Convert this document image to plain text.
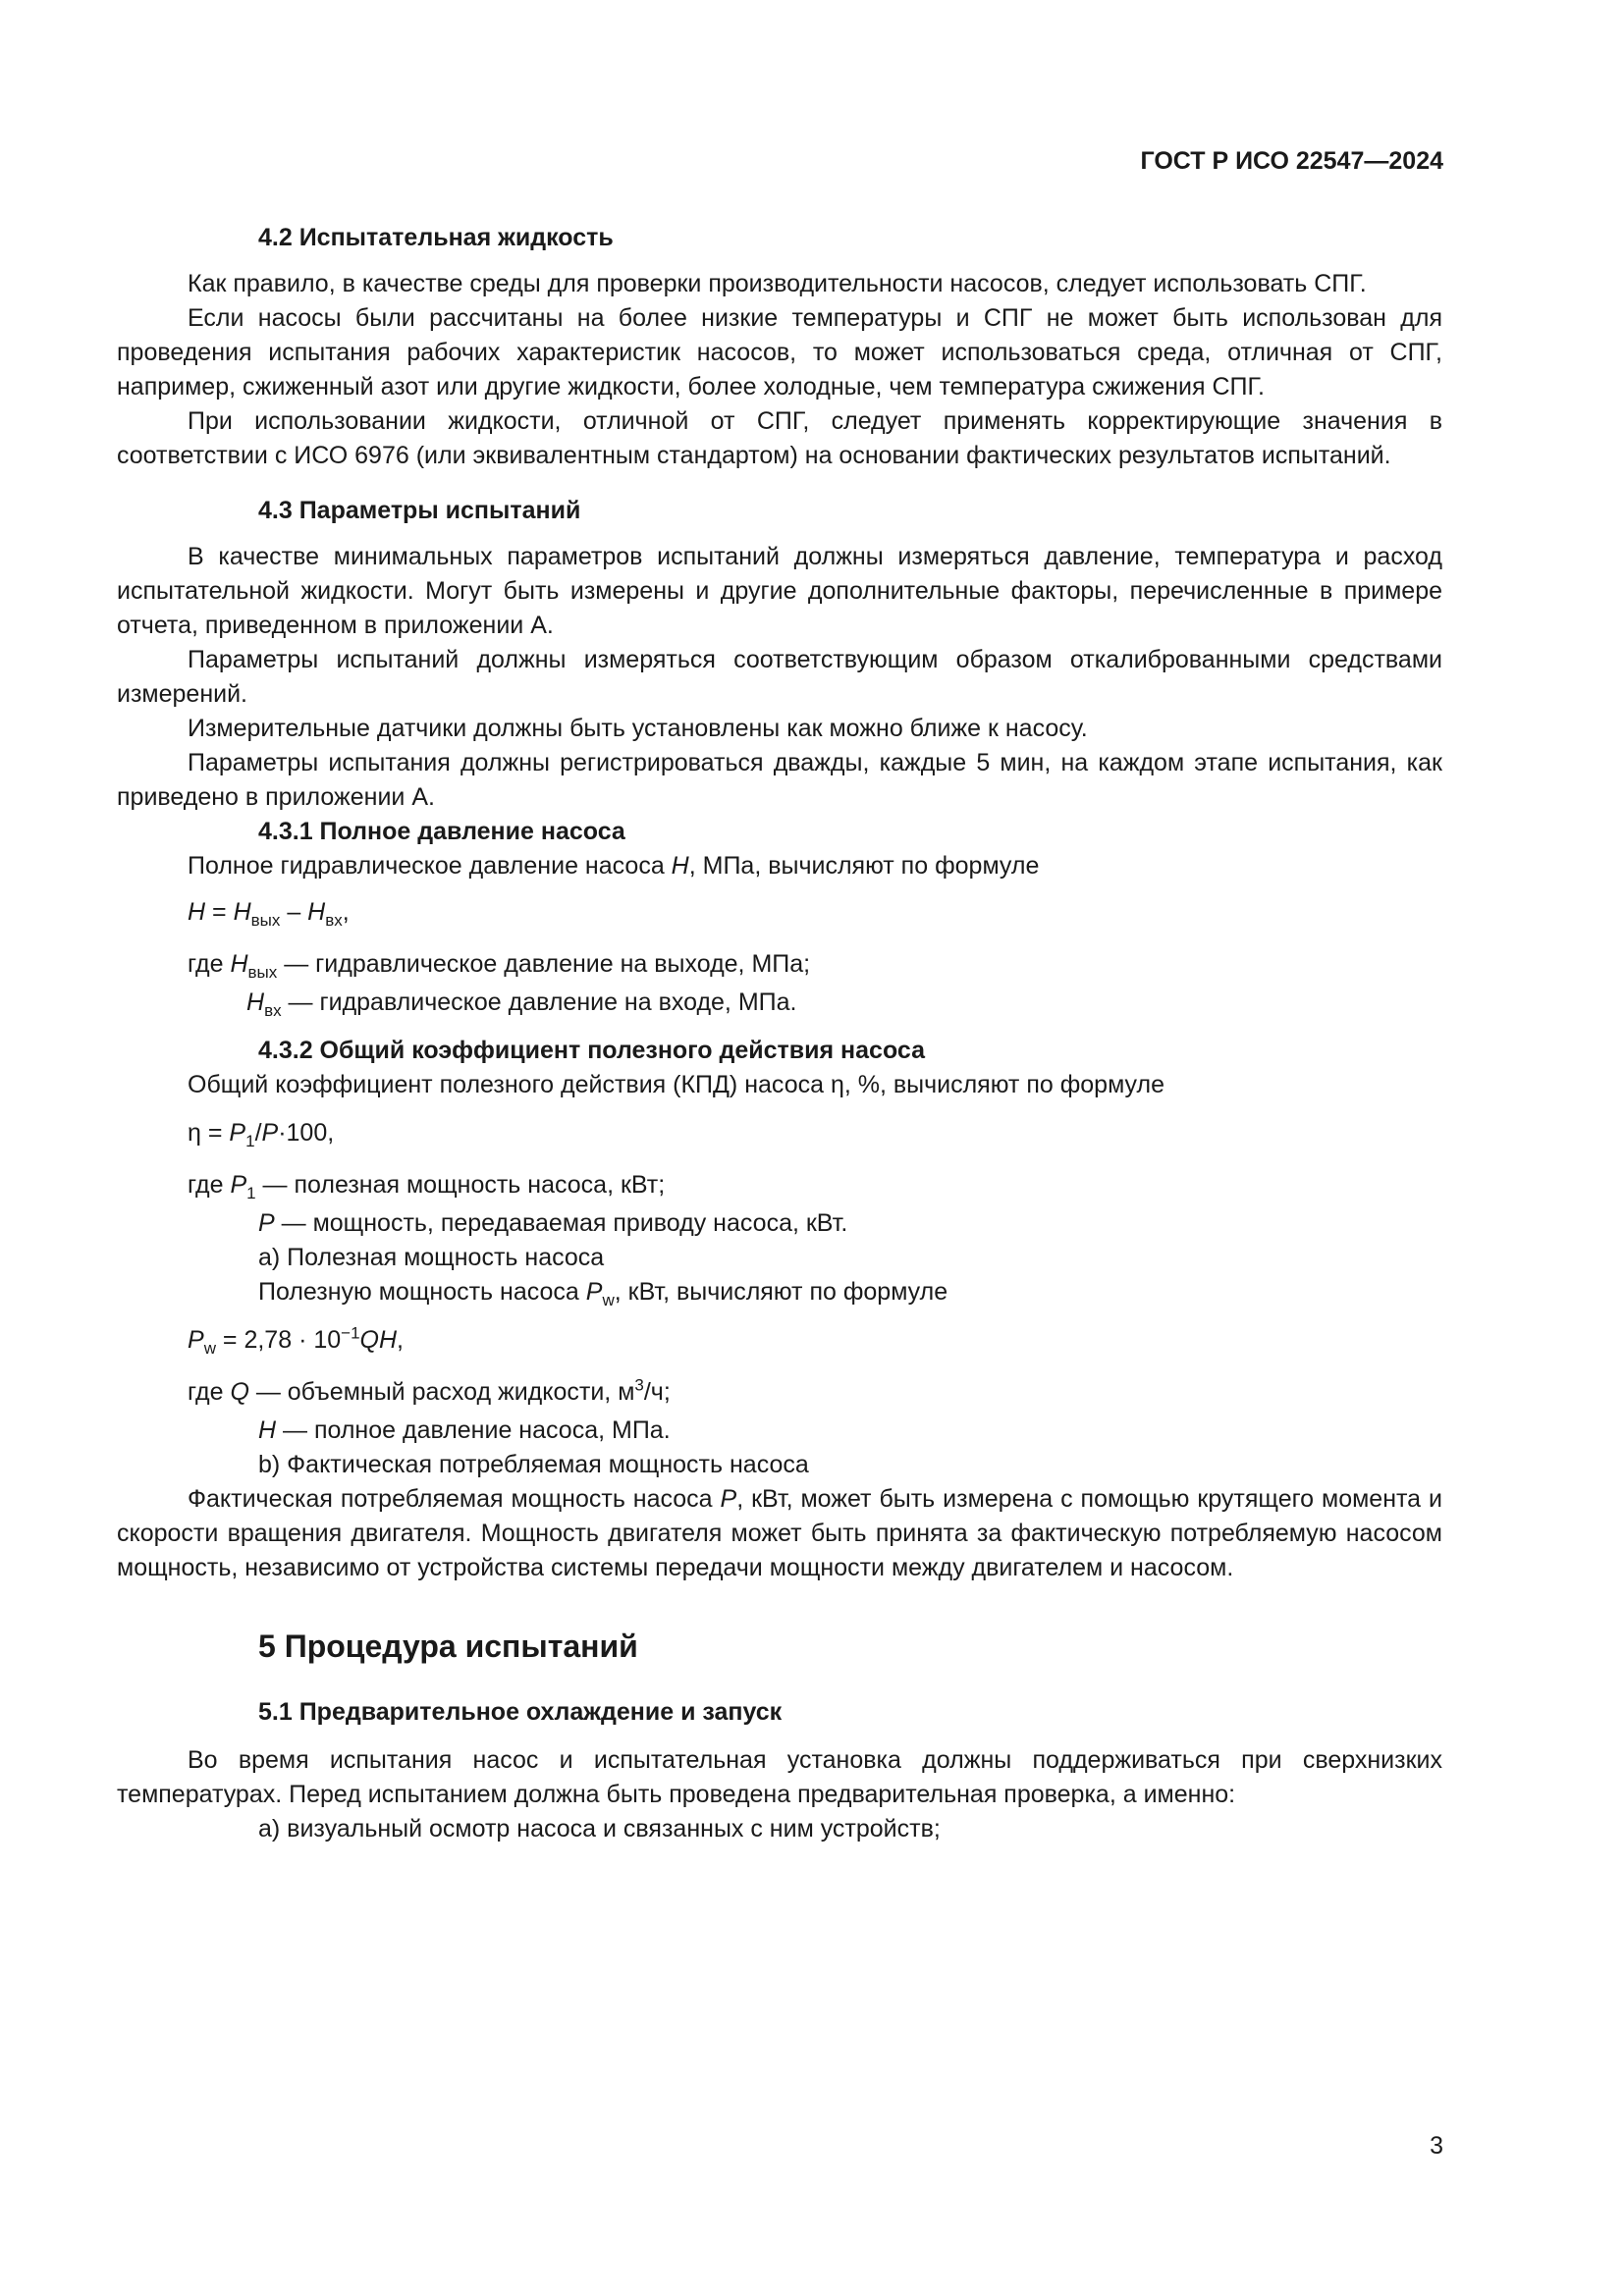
ГОСТ Р ИСО 22547—2024

4.2 Испытательная жидкость

Как правило, в качестве среды для проверки производительности насосов, следует использовать СПГ.

Если насосы были рассчитаны на более низкие температуры и СПГ не может быть использован для проведения испытания рабочих характеристик насосов, то может использоваться среда, отличная от СПГ, например, сжиженный азот или другие жидкости, более холодные, чем температура сжижения СПГ.

При использовании жидкости, отличной от СПГ, следует применять корректирующие значения в соответствии с ИСО 6976 (или эквивалентным стандартом) на основании фактических результатов испытаний.

4.3 Параметры испытаний

В качестве минимальных параметров испытаний должны измеряться давление, температура и расход испытательной жидкости. Могут быть измерены и другие дополнительные факторы, перечисленные в примере отчета, приведенном в приложении А.

Параметры испытаний должны измеряться соответствующим образом откалиброванными средствами измерений.

Измерительные датчики должны быть установлены как можно ближе к насосу.

Параметры испытания должны регистрироваться дважды, каждые 5 мин, на каждом этапе испытания, как приведено в приложении А.

4.3.1 Полное давление насоса

Полное гидравлическое давление насоса H, МПа, вычисляют по формуле

$H = H_{вых} - H_{вх}$,

где $H_{вых}$ — гидравлическое давление на выходе, МПа;

$H_{вх}$ — гидравлическое давление на входе, МПа.

4.3.2 Общий коэффициент полезного действия насоса

Общий коэффициент полезного действия (КПД) насоса η, %, вычисляют по формуле

$\eta = P_1/P\cdot 100$,

где $P_1$ — полезная мощность насоса, кВт;

P — мощность, передаваемая приводу насоса, кВт.

a) Полезная мощность насоса

Полезную мощность насоса $P_w$, кВт, вычисляют по формуле

$P_w = 2,78 \cdot 10^{-1}QH$,

где Q — объемный расход жидкости, $м^3/ч$;

H — полное давление насоса, МПа.

b) Фактическая потребляемая мощность насоса

Фактическая потребляемая мощность насоса P, кВт, может быть измерена с помощью крутящего момента и скорости вращения двигателя. Мощность двигателя может быть принята за фактическую потребляемую насосом мощность, независимо от устройства системы передачи мощности между двигателем и насосом.

5 Процедура испытаний

5.1 Предварительное охлаждение и запуск

Во время испытания насос и испытательная установка должны поддерживаться при сверхнизких температурах. Перед испытанием должна быть проведена предварительная проверка, а именно:

a) визуальный осмотр насоса и связанных с ним устройств;

3
